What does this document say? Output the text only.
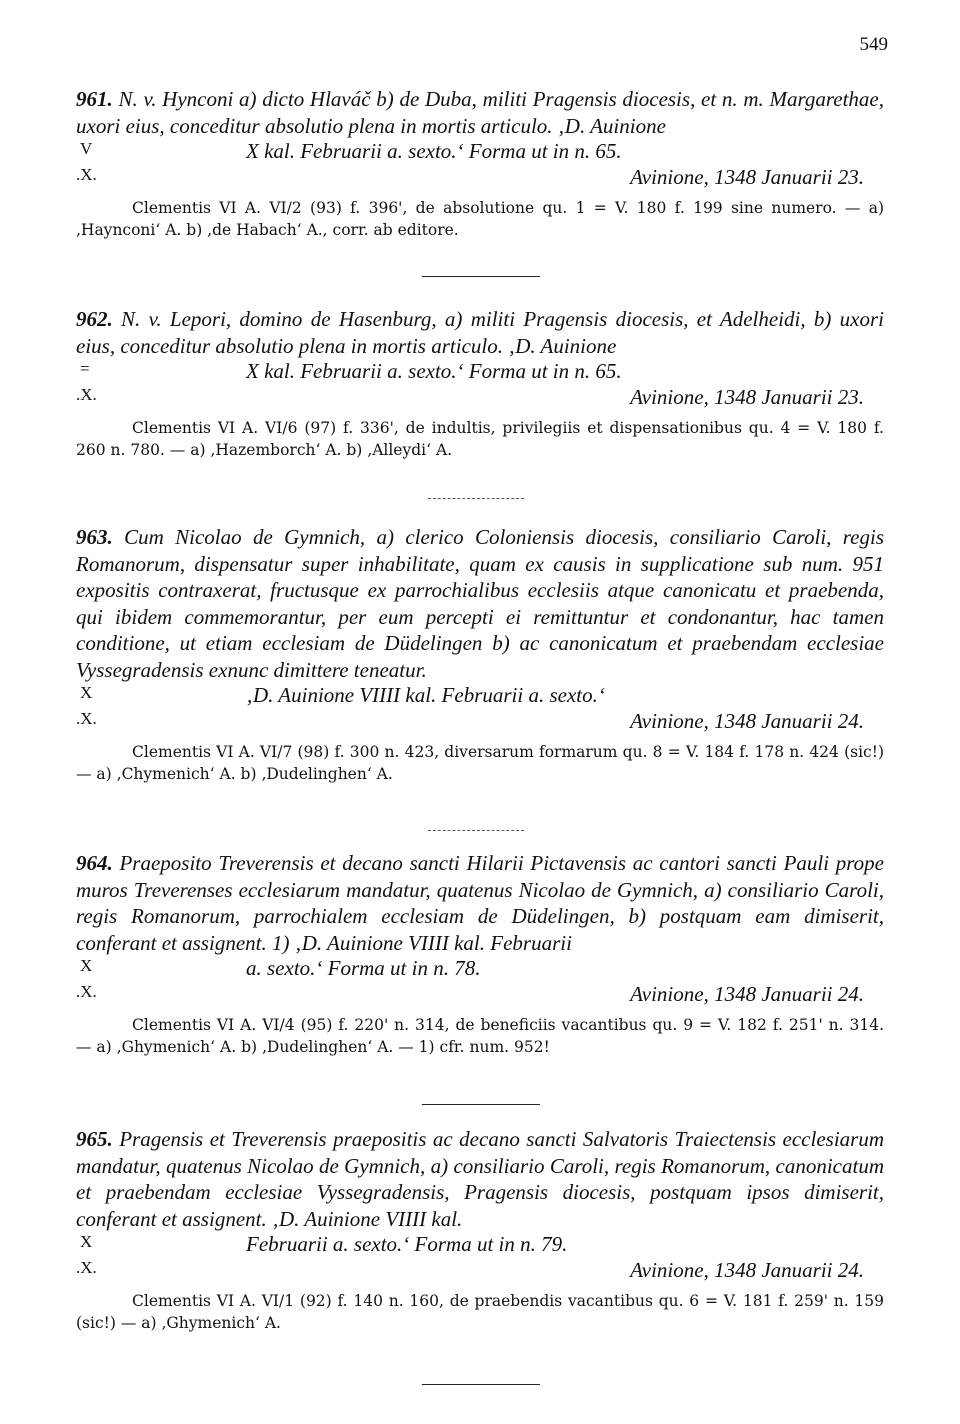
549

961. N. v. Hynconi a) dicto Hlaváč b) de Duba, militi Pragensis diocesis, et n. m. Margarethae, uxori eius, conceditur absolutio plena in mortis articulo. ‚D. Auinione

V	X kal. Februarii a. sexto.‘ Forma ut in n. 65.
.X.	Avinione, 1348 Januarii 23.

Clementis VI A. VI/2 (93) f. 396', de absolutione qu. 1 = V. 180 f. 199 sine numero. — a) ‚Haynconi‘ A. b) ‚de Habach‘ A., corr. ab editore.

962. N. v. Lepori, domino de Hasenburg, a) militi Pragensis diocesis, et Adelheidi, b) uxori eius, conceditur absolutio plena in mortis articulo. ‚D. Auinione

=	X kal. Februarii a. sexto.‘ Forma ut in n. 65.
.X.	Avinione, 1348 Januarii 23.

Clementis VI A. VI/6 (97) f. 336', de indultis, privilegiis et dispensationibus qu. 4 = V. 180 f. 260 n. 780. — a) ‚Hazemborch‘ A. b) ‚Alleydi‘ A.

963. Cum Nicolao de Gymnich, a) clerico Coloniensis diocesis, consiliario Caroli, regis Romanorum, dispensatur super inhabilitate, quam ex causis in supplicatione sub num. 951 expositis contraxerat, fructusque ex parrochialibus ecclesiis atque canonicatu et praebenda, qui ibidem commemorantur, per eum percepti ei remittuntur et condonantur, hac tamen conditione, ut etiam ecclesiam de Düdelingen b) ac canonicatum et praebendam ecclesiae Vyssegradensis exnunc dimittere teneatur.

X	‚D. Auinione VIIII kal. Februarii a. sexto.‘
.X.	Avinione, 1348 Januarii 24.

Clementis VI A. VI/7 (98) f. 300 n. 423, diversarum formarum qu. 8 = V. 184 f. 178 n. 424 (sic!) — a) ‚Chymenich‘ A. b) ‚Dudelinghen‘ A.

964. Praeposito Treverensis et decano sancti Hilarii Pictavensis ac cantori sancti Pauli prope muros Treverenses ecclesiarum mandatur, quatenus Nicolao de Gymnich, a) consiliario Caroli, regis Romanorum, parrochialem ecclesiam de Düdelingen, b) postquam eam dimiserit, conferant et assignent. 1) ‚D. Auinione VIIII kal. Februarii

X	a. sexto.‘ Forma ut in n. 78.
.X.	Avinione, 1348 Januarii 24.

Clementis VI A. VI/4 (95) f. 220' n. 314, de beneficiis vacantibus qu. 9 = V. 182 f. 251' n. 314. — a) ‚Ghymenich‘ A. b) ‚Dudelinghen‘ A. — 1) cfr. num. 952!

965. Pragensis et Treverensis praepositis ac decano sancti Salvatoris Traiectensis ecclesiarum mandatur, quatenus Nicolao de Gymnich, a) consiliario Caroli, regis Romanorum, canonicatum et praebendam ecclesiae Vyssegradensis, Pragensis diocesis, postquam ipsos dimiserit, conferant et assignent. ‚D. Auinione VIIII kal.

X	Februarii a. sexto.‘ Forma ut in n. 79.
.X.	Avinione, 1348 Januarii 24.

Clementis VI A. VI/1 (92) f. 140 n. 160, de praebendis vacantibus qu. 6 = V. 181 f. 259' n. 159 (sic!) — a) ‚Ghymenich‘ A.
